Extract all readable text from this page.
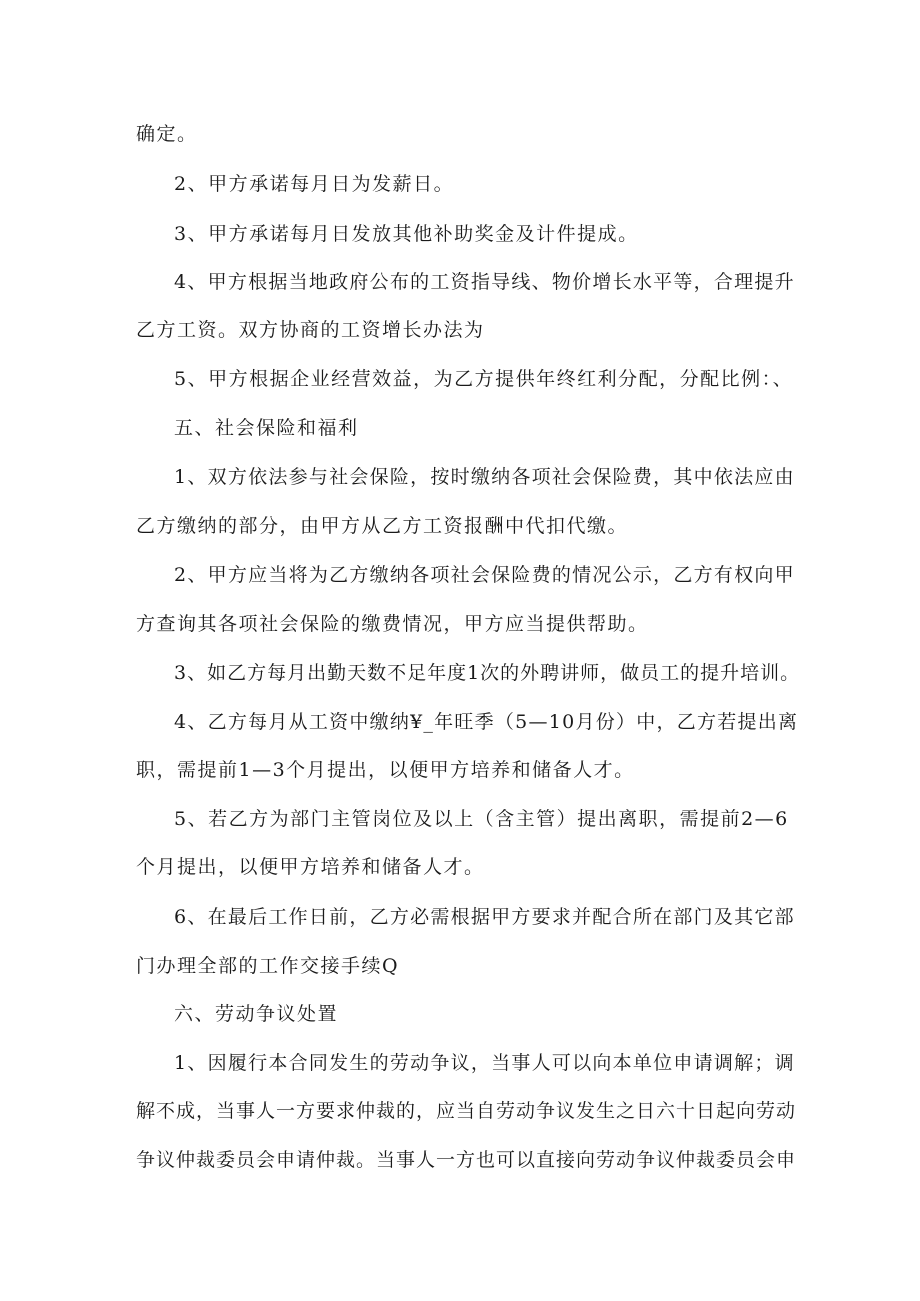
确定。

2、甲方承诺每月日为发薪日。

3、甲方承诺每月日发放其他补助奖金及计件提成。

4、甲方根据当地政府公布的工资指导线、物价增长水平等，合理提升

乙方工资。双方协商的工资增长办法为

5、甲方根据企业经营效益，为乙方提供年终红利分配，分配比例：、

五、社会保险和福利

1、双方依法参与社会保险，按时缴纳各项社会保险费，其中依法应由

乙方缴纳的部分，由甲方从乙方工资报酬中代扣代缴。

2、甲方应当将为乙方缴纳各项社会保险费的情况公示，乙方有权向甲

方查询其各项社会保险的缴费情况，甲方应当提供帮助。

3、如乙方每月出勤天数不足年度1次的外聘讲师，做员工的提升培训。

4、乙方每月从工资中缴纳¥_年旺季（5—10月份）中，乙方若提出离

职，需提前1—3个月提出，以便甲方培养和储备人才。

5、若乙方为部门主管岗位及以上（含主管）提出离职，需提前2—6

个月提出，以便甲方培养和储备人才。

6、在最后工作日前，乙方必需根据甲方要求并配合所在部门及其它部

门办理全部的工作交接手续Q

六、劳动争议处置

1、因履行本合同发生的劳动争议，当事人可以向本单位申请调解；调

解不成，当事人一方要求仲裁的，应当自劳动争议发生之日六十日起向劳动

争议仲裁委员会申请仲裁。当事人一方也可以直接向劳动争议仲裁委员会申
